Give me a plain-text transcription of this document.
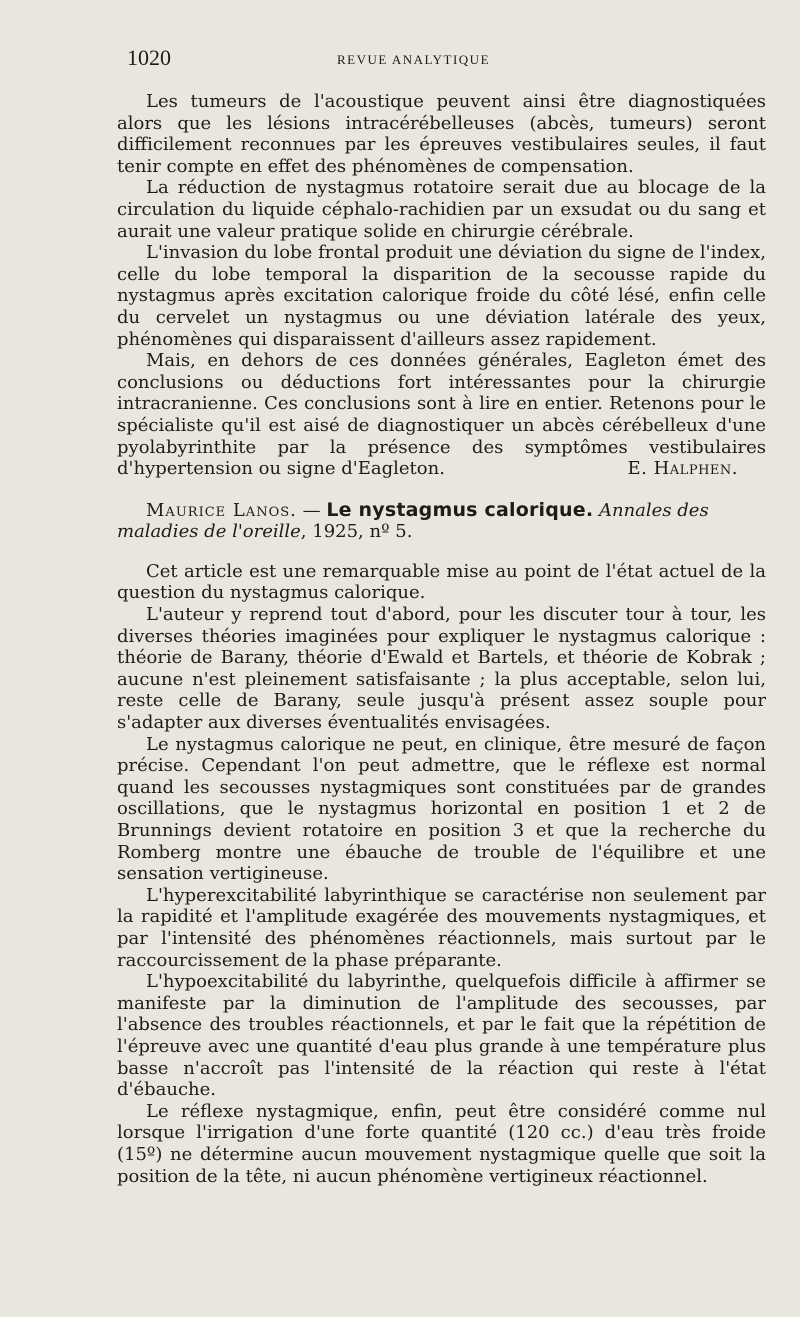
1020	REVUE ANALYTIQUE

Les tumeurs de l'acoustique peuvent ainsi être diagnostiquées alors que les lésions intracérébelleuses (abcès, tumeurs) seront difficilement reconnues par les épreuves vestibulaires seules, il faut tenir compte en effet des phénomènes de compensation.

La réduction de nystagmus rotatoire serait due au blocage de la circulation du liquide céphalo-rachidien par un exsudat ou du sang et aurait une valeur pratique solide en chirurgie cérébrale.

L'invasion du lobe frontal produit une déviation du signe de l'index, celle du lobe temporal la disparition de la secousse rapide du nystagmus après excitation calorique froide du côté lésé, enfin celle du cervelet un nystagmus ou une déviation latérale des yeux, phénomènes qui disparaissent d'ailleurs assez rapidement.

Mais, en dehors de ces données générales, Eagleton émet des conclusions ou déductions fort intéressantes pour la chirurgie intracranienne. Ces conclusions sont à lire en entier. Retenons pour le spécialiste qu'il est aisé de diagnostiquer un abcès cérébelleux d'une pyolabyrinthite par la présence des symptômes vestibulaires d'hypertension ou signe d'Eagleton.	E. Halphen.

Maurice Lanos. — Le nystagmus calorique. Annales des maladies de l'oreille, 1925, nº 5.

Cet article est une remarquable mise au point de l'état actuel de la question du nystagmus calorique.

L'auteur y reprend tout d'abord, pour les discuter tour à tour, les diverses théories imaginées pour expliquer le nystagmus calorique : théorie de Barany, théorie d'Ewald et Bartels, et théorie de Kobrak ; aucune n'est pleinement satisfaisante ; la plus acceptable, selon lui, reste celle de Barany, seule jusqu'à présent assez souple pour s'adapter aux diverses éventualités envisagées.

Le nystagmus calorique ne peut, en clinique, être mesuré de façon précise. Cependant l'on peut admettre, que le réflexe est normal quand les secousses nystagmiques sont constituées par de grandes oscillations, que le nystagmus horizontal en position 1 et 2 de Brunnings devient rotatoire en position 3 et que la recherche du Romberg montre une ébauche de trouble de l'équilibre et une sensation vertigineuse.

L'hyperexcitabilité labyrinthique se caractérise non seulement par la rapidité et l'amplitude exagérée des mouvements nystagmiques, et par l'intensité des phénomènes réactionnels, mais surtout par le raccourcissement de la phase préparante.

L'hypoexcitabilité du labyrinthe, quelquefois difficile à affirmer se manifeste par la diminution de l'amplitude des secousses, par l'absence des troubles réactionnels, et par le fait que la répétition de l'épreuve avec une quantité d'eau plus grande à une température plus basse n'accroît pas l'intensité de la réaction qui reste à l'état d'ébauche.

Le réflexe nystagmique, enfin, peut être considéré comme nul lorsque l'irrigation d'une forte quantité (120 cc.) d'eau très froide (15º) ne détermine aucun mouvement nystagmique quelle que soit la position de la tête, ni aucun phénomène vertigineux réactionnel.
